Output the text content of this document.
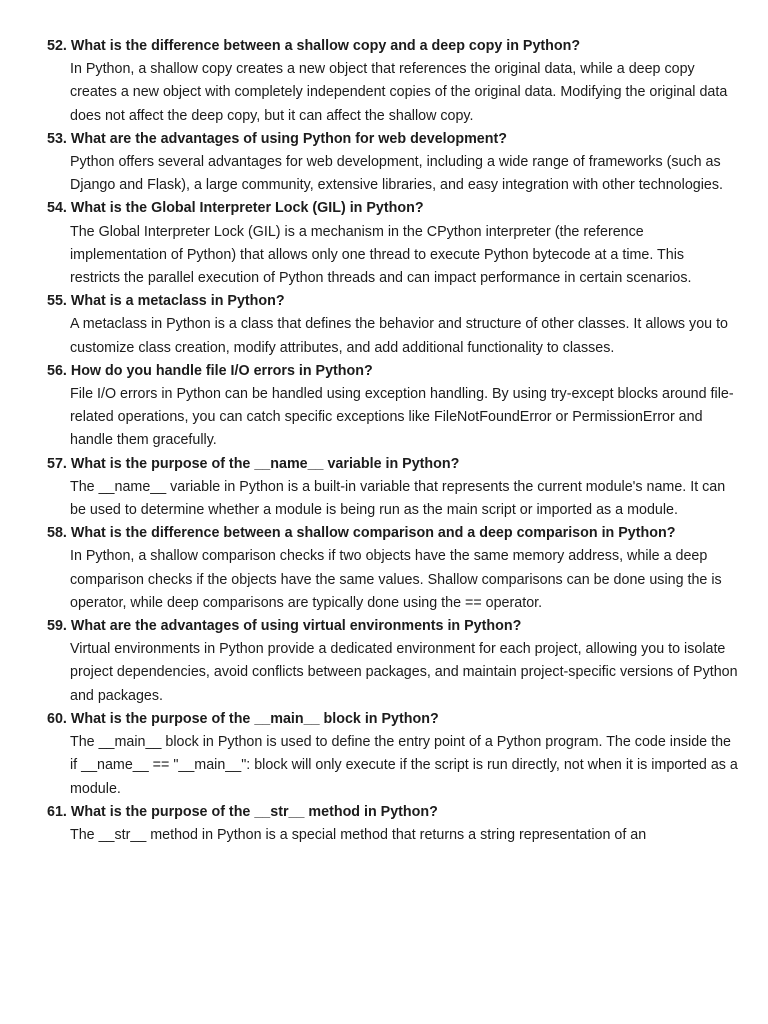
52. What is the difference between a shallow copy and a deep copy in Python?

In Python, a shallow copy creates a new object that references the original data, while a deep copy creates a new object with completely independent copies of the original data. Modifying the original data does not affect the deep copy, but it can affect the shallow copy.

53. What are the advantages of using Python for web development?

Python offers several advantages for web development, including a wide range of frameworks (such as Django and Flask), a large community, extensive libraries, and easy integration with other technologies.

54. What is the Global Interpreter Lock (GIL) in Python?

The Global Interpreter Lock (GIL) is a mechanism in the CPython interpreter (the reference implementation of Python) that allows only one thread to execute Python bytecode at a time. This restricts the parallel execution of Python threads and can impact performance in certain scenarios.

55. What is a metaclass in Python?

A metaclass in Python is a class that defines the behavior and structure of other classes. It allows you to customize class creation, modify attributes, and add additional functionality to classes.

56. How do you handle file I/O errors in Python?

File I/O errors in Python can be handled using exception handling. By using try-except blocks around file-related operations, you can catch specific exceptions like FileNotFoundError or PermissionError and handle them gracefully.

57. What is the purpose of the __name__ variable in Python?

The __name__ variable in Python is a built-in variable that represents the current module's name. It can be used to determine whether a module is being run as the main script or imported as a module.

58. What is the difference between a shallow comparison and a deep comparison in Python?

In Python, a shallow comparison checks if two objects have the same memory address, while a deep comparison checks if the objects have the same values. Shallow comparisons can be done using the is operator, while deep comparisons are typically done using the == operator.

59. What are the advantages of using virtual environments in Python?

Virtual environments in Python provide a dedicated environment for each project, allowing you to isolate project dependencies, avoid conflicts between packages, and maintain project-specific versions of Python and packages.

60. What is the purpose of the __main__ block in Python?

The __main__ block in Python is used to define the entry point of a Python program. The code inside the if __name__ == "__main__": block will only execute if the script is run directly, not when it is imported as a module.

61. What is the purpose of the __str__ method in Python?

The __str__ method in Python is a special method that returns a string representation of an
